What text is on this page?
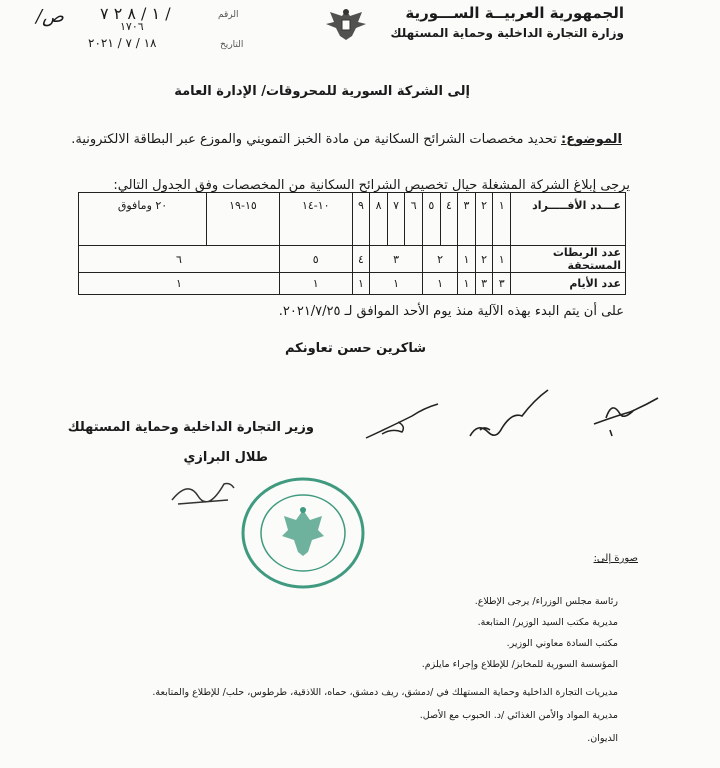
الجمهورية العربيــة الســـورية
وزارة التجارة الداخلية وحماية المستهلك
الرقم
١ / ٨ ٢ ٧ /
١٧٠٦
/ص
التاريخ
١٨ / ٧ / ٢٠٢١
إلى الشركة السورية للمحروقات/ الإدارة العامة
الموضوع: تحديد مخصصات الشرائح السكانية من مادة الخبز التمويني والموزع عبر البطاقة الالكترونية.
يرجى إبلاغ الشركة المشغلة حيال تخصيص الشرائح السكانية من المخصصات وفق الجدول التالي:
عـــدد الأفـــــراد	١	٢	٣	٤	٥	٦	٧	٨	٩	١٠-١٤	١٥-١٩	٢٠ ومافوق
عدد الربطات المستحقة	١	٢	١	٢		٣			٤	٥	٦	
عدد الأيام	٣	٣	١	١		١			١	١	١	
على أن يتم البدء بهذه الآلية منذ يوم الأحد الموافق لـ ٢٠٢١/٧/٢٥.
شاكرين حسن تعاونكم
وزير التجارة الداخلية وحماية المستهلك
طلال البرازي
صورة إلى:
رئاسة مجلس الوزراء/ يرجى الإطلاع.
مديرية مكتب السيد الوزير/ المتابعة.
مكتب السادة معاوني الوزير.
المؤسسة السورية للمخابز/ للإطلاع وإجراء مايلزم.
مديريات التجارة الداخلية وحماية المستهلك في /دمشق، ريف دمشق، حماه، اللاذقية، طرطوس، حلب/ للإطلاع والمتابعة.
مديرية المواد والأمن الغذائي /د. الحبوب مع الأصل.
الديوان.
